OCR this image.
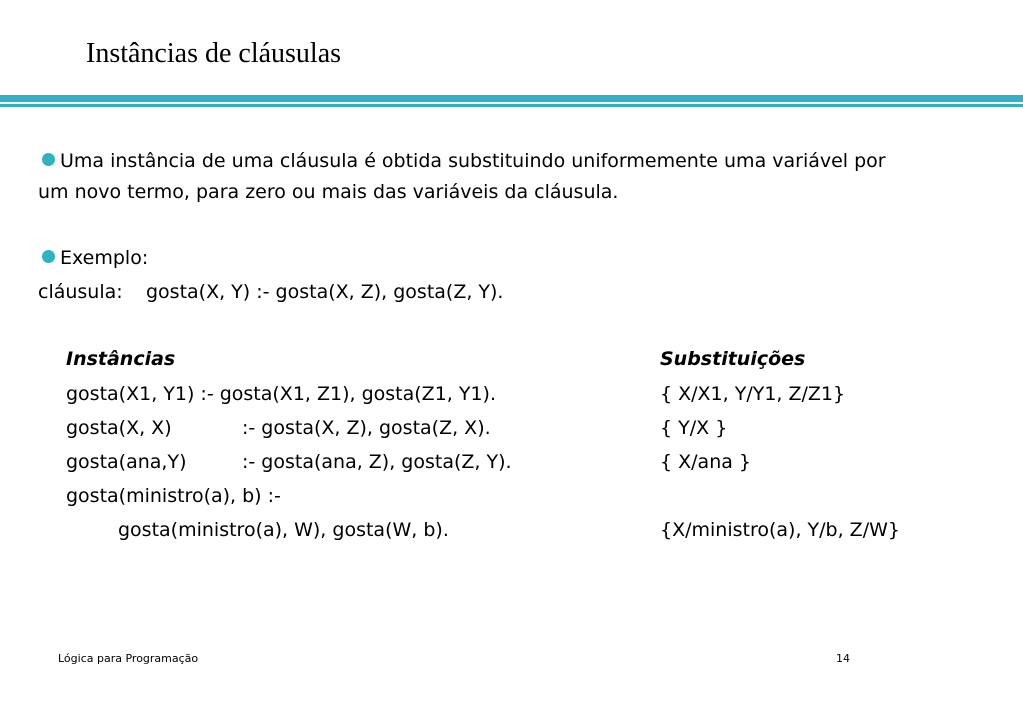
Instâncias de cláusulas
Uma instância de uma cláusula é obtida substituindo uniformemente uma variável por
um novo termo, para zero ou mais das variáveis da cláusula.
Exemplo:
cláusula: gosta(X, Y) :- gosta(X, Z), gosta(Z, Y).
Instâncias	Substituições
gosta(X1, Y1) :- gosta(X1, Z1), gosta(Z1, Y1).	{ X/X1, Y/Y1, Z/Z1}
gosta(X, X)	:- gosta(X, Z), gosta(Z, X).	{ Y/X }
gosta(ana,Y)	:- gosta(ana, Z), gosta(Z, Y).	{ X/ana }
gosta(ministro(a), b) :-
gosta(ministro(a), W), gosta(W, b).	{X/ministro(a), Y/b, Z/W}
Lógica para Programação	14
